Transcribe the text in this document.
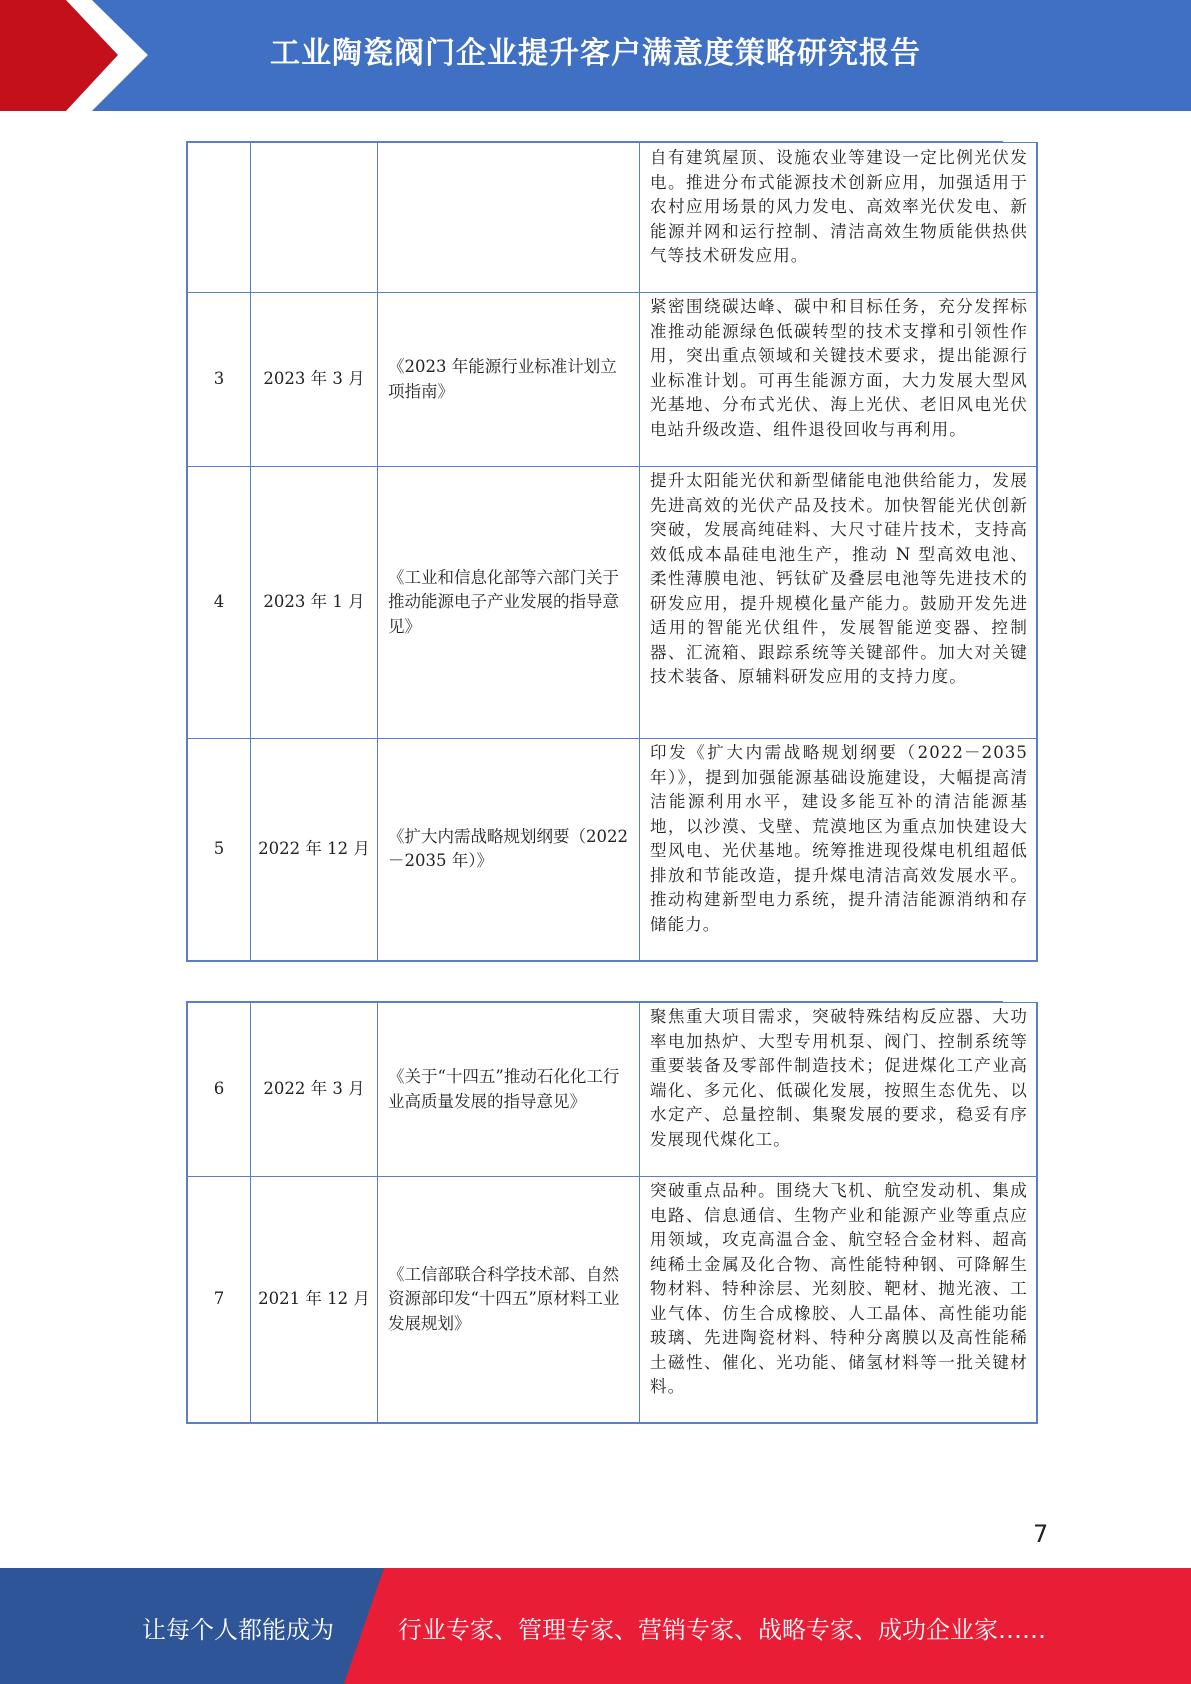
工业陶瓷阀门企业提升客户满意度策略研究报告
			自有建筑屋顶、设施农业等建设一定比例光伏发电。推进分布式能源技术创新应用，加强适用于农村应用场景的风力发电、高效率光伏发电、新能源并网和运行控制、清洁高效生物质能供热供气等技术研发应用。
3	2023 年 3 月	《2023 年能源行业标准计划立项指南》	紧密围绕碳达峰、碳中和目标任务，充分发挥标准推动能源绿色低碳转型的技术支撑和引领性作用，突出重点领域和关键技术要求，提出能源行业标准计划。可再生能源方面，大力发展大型风光基地、分布式光伏、海上光伏、老旧风电光伏电站升级改造、组件退役回收与再利用。
4	2023 年 1 月	《工业和信息化部等六部门关于推动能源电子产业发展的指导意见》	提升太阳能光伏和新型储能电池供给能力，发展先进高效的光伏产品及技术。加快智能光伏创新突破，发展高纯硅料、大尺寸硅片技术，支持高效低成本晶硅电池生产，推动 N 型高效电池、柔性薄膜电池、钙钛矿及叠层电池等先进技术的研发应用，提升规模化量产能力。鼓励开发先进适用的智能光伏组件，发展智能逆变器、控制器、汇流箱、跟踪系统等关键部件。加大对关键技术装备、原辅料研发应用的支持力度。
5	2022 年 12 月	《扩大内需战略规划纲要（2022－2035 年）》	印发《扩大内需战略规划纲要（2022－2035 年）》，提到加强能源基础设施建设，大幅提高清洁能源利用水平，建设多能互补的清洁能源基地，以沙漠、戈壁、荒漠地区为重点加快建设大型风电、光伏基地。统筹推进现役煤电机组超低排放和节能改造，提升煤电清洁高效发展水平。推动构建新型电力系统，提升清洁能源消纳和存储能力。
6	2022 年 3 月	《关于“十四五”推动石化化工行业高质量发展的指导意见》	聚焦重大项目需求，突破特殊结构反应器、大功率电加热炉、大型专用机泵、阀门、控制系统等重要装备及零部件制造技术；促进煤化工产业高端化、多元化、低碳化发展，按照生态优先、以水定产、总量控制、集聚发展的要求，稳妥有序发展现代煤化工。
7	2021 年 12 月	《工信部联合科学技术部、自然资源部印发“十四五”原材料工业发展规划》	突破重点品种。围绕大飞机、航空发动机、集成电路、信息通信、生物产业和能源产业等重点应用领域，攻克高温合金、航空轻合金材料、超高纯稀土金属及化合物、高性能特种钢、可降解生物材料、特种涂层、光刻胶、靶材、抛光液、工业气体、仿生合成橡胶、人工晶体、高性能功能玻璃、先进陶瓷材料、特种分离膜以及高性能稀土磁性、催化、光功能、储氢材料等一批关键材料。
7
让每个人都能成为	行业专家、管理专家、营销专家、战略专家、成功企业家……
